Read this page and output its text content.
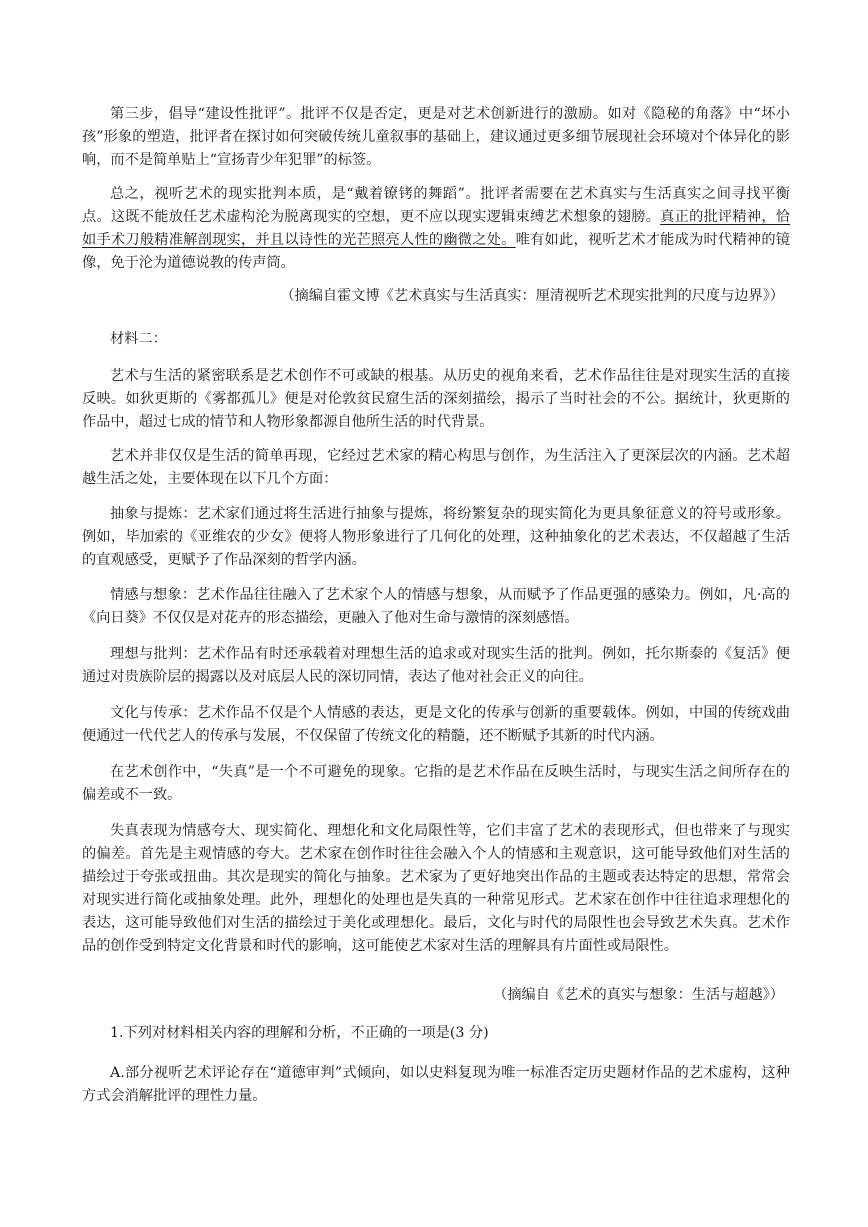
第三步，倡导“建设性批评”。批评不仅是否定，更是对艺术创新进行的激励。如对《隐秘的角落》中“坏小孩”形象的塑造，批评者在探讨如何突破传统儿童叙事的基础上，建议通过更多细节展现社会环境对个体异化的影响，而不是简单贴上“宣扬青少年犯罪”的标签。

总之，视听艺术的现实批判本质，是“戴着镣铐的舞蹈”。批评者需要在艺术真实与生活真实之间寻找平衡点。这既不能放任艺术虚构沦为脱离现实的空想，更不应以现实逻辑束缚艺术想象的翅膀。真正的批评精神，恰如手术刀般精准解剖现实，并且以诗性的光芒照亮人性的幽微之处。唯有如此，视听艺术才能成为时代精神的镜像，免于沦为道德说教的传声筒。

（摘编自霍文博《艺术真实与生活真实：厘清视听艺术现实批判的尺度与边界》）

材料二：

艺术与生活的紧密联系是艺术创作不可或缺的根基。从历史的视角来看，艺术作品往往是对现实生活的直接反映。如狄更斯的《雾都孤儿》便是对伦敦贫民窟生活的深刻描绘，揭示了当时社会的不公。据统计，狄更斯的作品中，超过七成的情节和人物形象都源自他所生活的时代背景。

艺术并非仅仅是生活的简单再现，它经过艺术家的精心构思与创作，为生活注入了更深层次的内涵。艺术超越生活之处，主要体现在以下几个方面：

抽象与提炼：艺术家们通过将生活进行抽象与提炼，将纷繁复杂的现实简化为更具象征意义的符号或形象。例如，毕加索的《亚维农的少女》便将人物形象进行了几何化的处理，这种抽象化的艺术表达，不仅超越了生活的直观感受，更赋予了作品深刻的哲学内涵。

情感与想象：艺术作品往往融入了艺术家个人的情感与想象，从而赋予了作品更强的感染力。例如，凡·高的《向日葵》不仅仅是对花卉的形态描绘，更融入了他对生命与激情的深刻感悟。

理想与批判：艺术作品有时还承载着对理想生活的追求或对现实生活的批判。例如，托尔斯泰的《复活》便通过对贵族阶层的揭露以及对底层人民的深切同情，表达了他对社会正义的向往。

文化与传承：艺术作品不仅是个人情感的表达，更是文化的传承与创新的重要载体。例如，中国的传统戏曲便通过一代代艺人的传承与发展，不仅保留了传统文化的精髓，还不断赋予其新的时代内涵。

在艺术创作中，“失真”是一个不可避免的现象。它指的是艺术作品在反映生活时，与现实生活之间所存在的偏差或不一致。

失真表现为情感夸大、现实简化、理想化和文化局限性等，它们丰富了艺术的表现形式，但也带来了与现实的偏差。首先是主观情感的夸大。艺术家在创作时往往会融入个人的情感和主观意识，这可能导致他们对生活的描绘过于夸张或扭曲。其次是现实的简化与抽象。艺术家为了更好地突出作品的主题或表达特定的思想，常常会对现实进行简化或抽象处理。此外，理想化的处理也是失真的一种常见形式。艺术家在创作中往往追求理想化的表达，这可能导致他们对生活的描绘过于美化或理想化。最后，文化与时代的局限性也会导致艺术失真。艺术作品的创作受到特定文化背景和时代的影响，这可能使艺术家对生活的理解具有片面性或局限性。

（摘编自《艺术的真实与想象：生活与超越》）

1.下列对材料相关内容的理解和分析，不正确的一项是(3 分)

A.部分视听艺术评论存在“道德审判”式倾向，如以史料复现为唯一标准否定历史题材作品的艺术虚构，这种方式会消解批评的理性力量。
